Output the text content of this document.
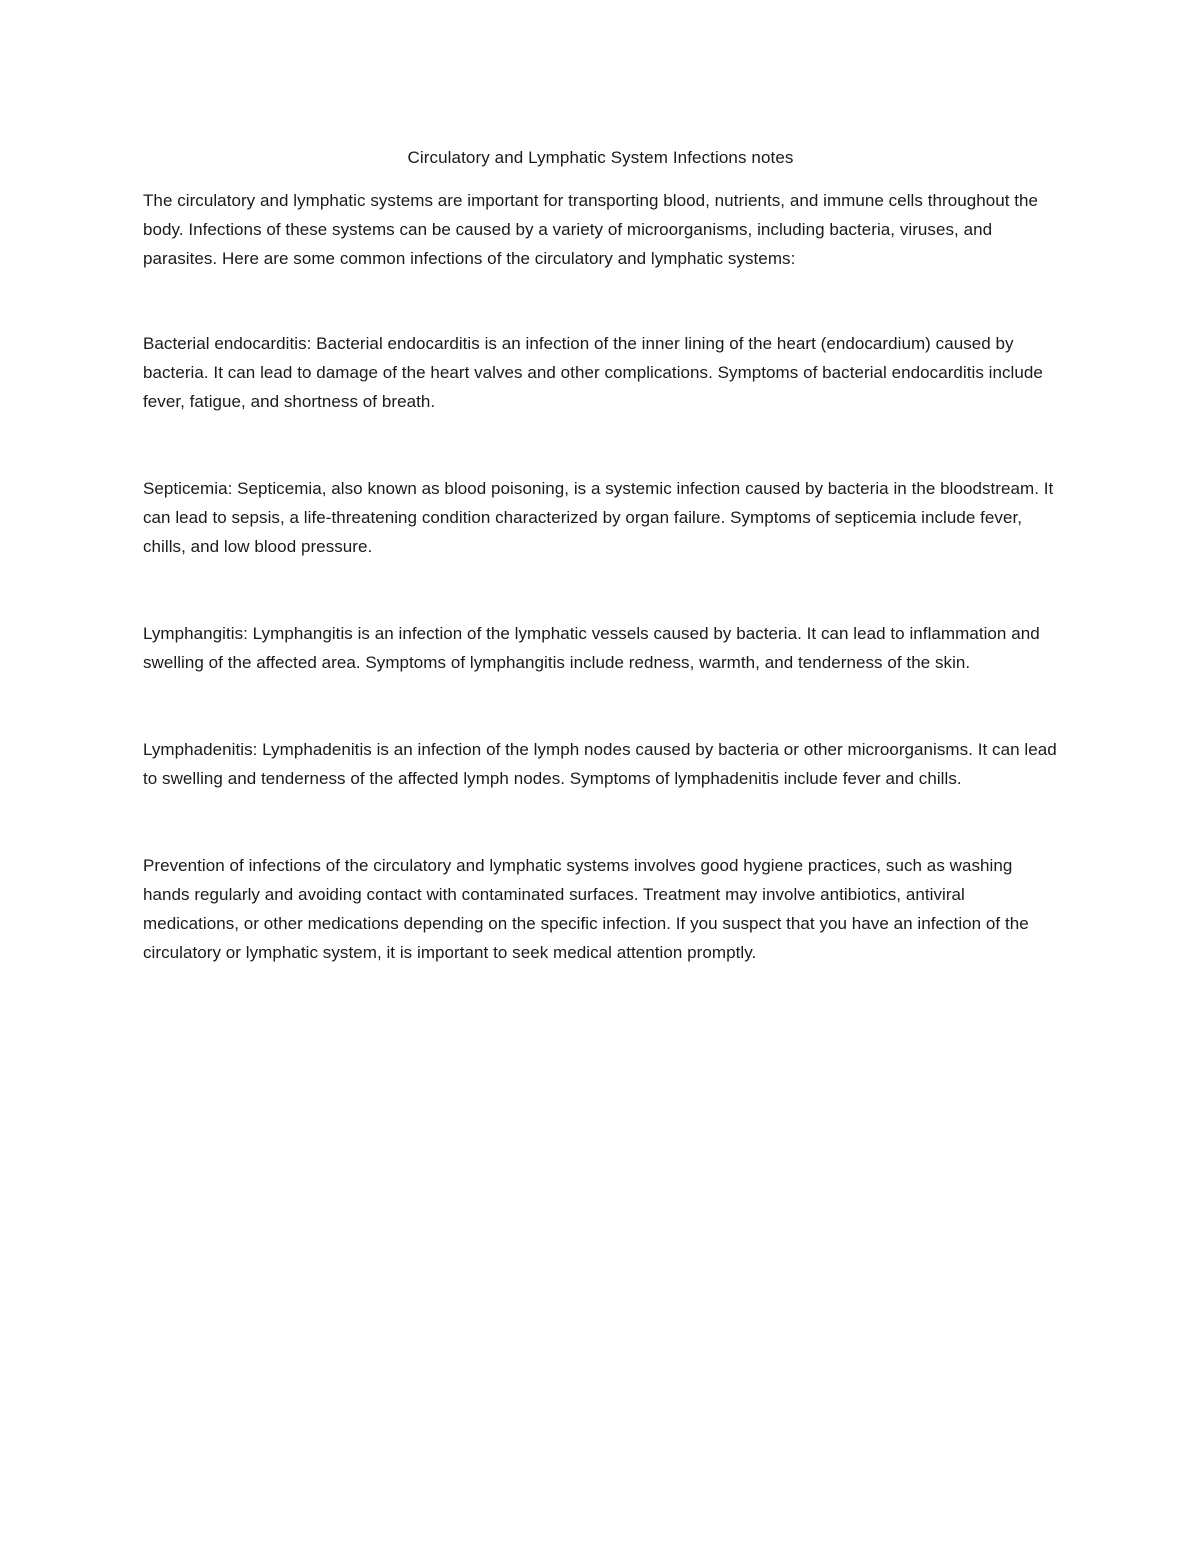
Circulatory and Lymphatic System Infections notes

The circulatory and lymphatic systems are important for transporting blood, nutrients, and immune cells throughout the body. Infections of these systems can be caused by a variety of microorganisms, including bacteria, viruses, and parasites. Here are some common infections of the circulatory and lymphatic systems:

Bacterial endocarditis: Bacterial endocarditis is an infection of the inner lining of the heart (endocardium) caused by bacteria. It can lead to damage of the heart valves and other complications. Symptoms of bacterial endocarditis include fever, fatigue, and shortness of breath.

Septicemia: Septicemia, also known as blood poisoning, is a systemic infection caused by bacteria in the bloodstream. It can lead to sepsis, a life-threatening condition characterized by organ failure. Symptoms of septicemia include fever, chills, and low blood pressure.

Lymphangitis: Lymphangitis is an infection of the lymphatic vessels caused by bacteria. It can lead to inflammation and swelling of the affected area. Symptoms of lymphangitis include redness, warmth, and tenderness of the skin.

Lymphadenitis: Lymphadenitis is an infection of the lymph nodes caused by bacteria or other microorganisms. It can lead to swelling and tenderness of the affected lymph nodes. Symptoms of lymphadenitis include fever and chills.

Prevention of infections of the circulatory and lymphatic systems involves good hygiene practices, such as washing hands regularly and avoiding contact with contaminated surfaces. Treatment may involve antibiotics, antiviral medications, or other medications depending on the specific infection. If you suspect that you have an infection of the circulatory or lymphatic system, it is important to seek medical attention promptly.
